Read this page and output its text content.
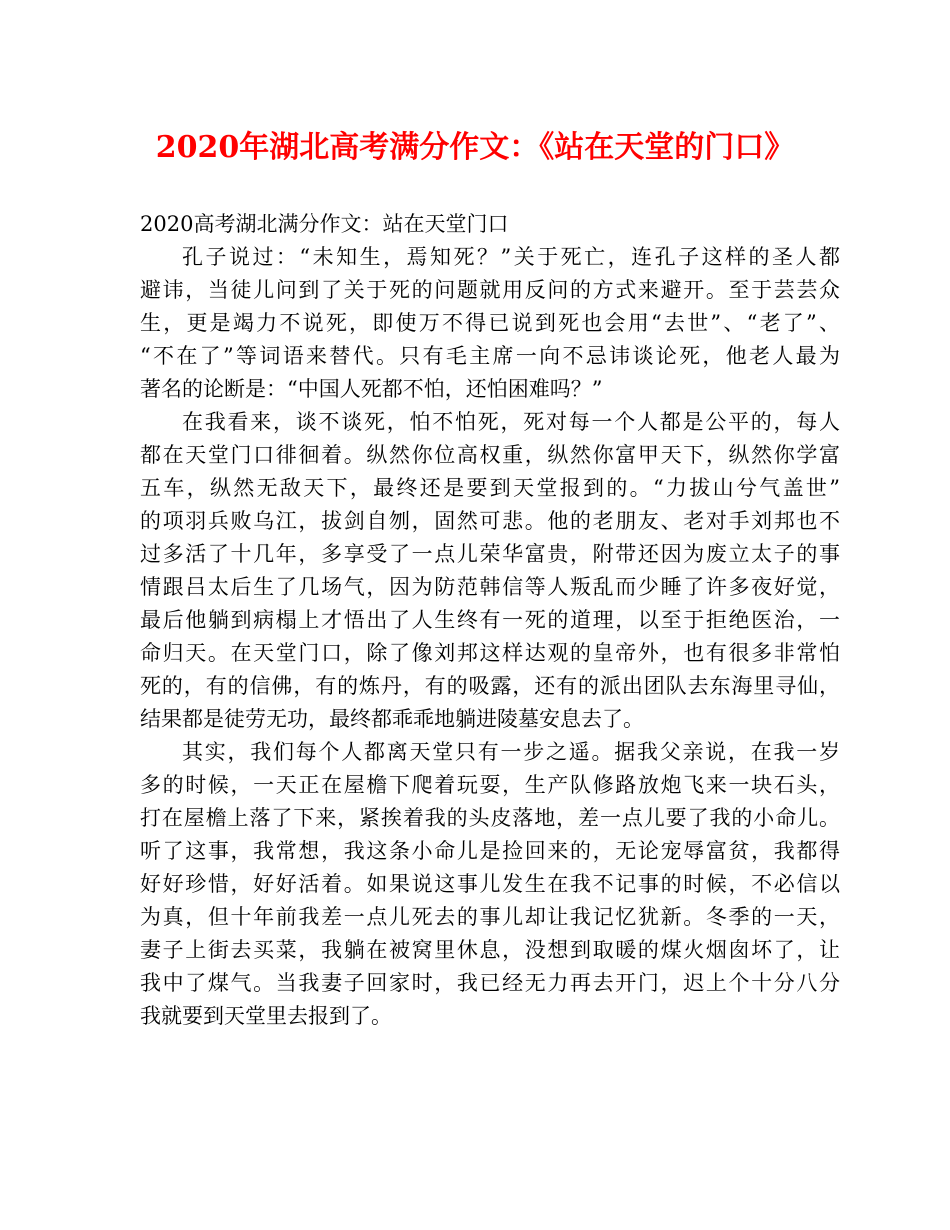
2020年湖北高考满分作文：《站在天堂的门口》
2020高考湖北满分作文：站在天堂门口
孔子说过：“未知生，焉知死？”关于死亡，连孔子这样的圣人都
避讳，当徒儿问到了关于死的问题就用反问的方式来避开。至于芸芸众
生，更是竭力不说死，即使万不得已说到死也会用“去世”、“老了”、
“不在了”等词语来替代。只有毛主席一向不忌讳谈论死，他老人最为
著名的论断是：“中国人死都不怕，还怕困难吗？”
在我看来，谈不谈死，怕不怕死，死对每一个人都是公平的，每人
都在天堂门口徘徊着。纵然你位高权重，纵然你富甲天下，纵然你学富
五车，纵然无敌天下，最终还是要到天堂报到的。“力拔山兮气盖世”
的项羽兵败乌江，拔剑自刎，固然可悲。他的老朋友、老对手刘邦也不
过多活了十几年，多享受了一点儿荣华富贵，附带还因为废立太子的事
情跟吕太后生了几场气，因为防范韩信等人叛乱而少睡了许多夜好觉，
最后他躺到病榻上才悟出了人生终有一死的道理，以至于拒绝医治，一
命归天。在天堂门口，除了像刘邦这样达观的皇帝外，也有很多非常怕
死的，有的信佛，有的炼丹，有的吸露，还有的派出团队去东海里寻仙，
结果都是徒劳无功，最终都乖乖地躺进陵墓安息去了。
其实，我们每个人都离天堂只有一步之遥。据我父亲说，在我一岁
多的时候，一天正在屋檐下爬着玩耍，生产队修路放炮飞来一块石头，
打在屋檐上落了下来，紧挨着我的头皮落地，差一点儿要了我的小命儿。
听了这事，我常想，我这条小命儿是捡回来的，无论宠辱富贫，我都得
好好珍惜，好好活着。如果说这事儿发生在我不记事的时候，不必信以
为真，但十年前我差一点儿死去的事儿却让我记忆犹新。冬季的一天，
妻子上街去买菜，我躺在被窝里休息，没想到取暖的煤火烟囱坏了，让
我中了煤气。当我妻子回家时，我已经无力再去开门，迟上个十分八分
我就要到天堂里去报到了。
